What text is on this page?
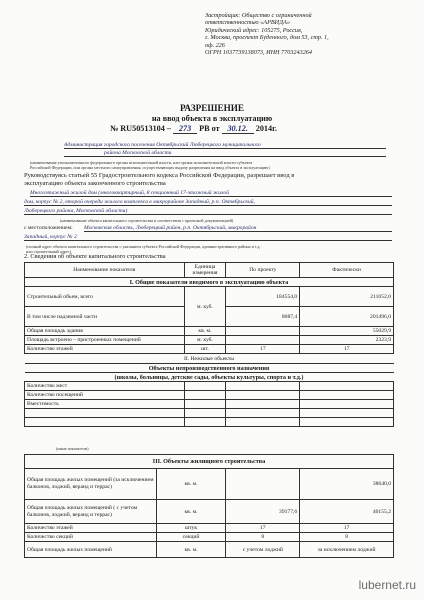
Застройщик: Общество с ограниченной
ответственностью «АРВИДА»
Юридический адрес: 105275, Россия,
г. Москва, проспект Буденного, дом 53, стр. 1,
оф. 226
ОГРН 1037739138073, ИНН 7703243264
РАЗРЕШЕНИЕ
на ввод объекта в эксплуатацию
№ RU50513104 – 273 РВ от 30.12. 2014г.
Администрация городского поселения Октябрьский Люберецкого муниципального
района Московской области
(наименование уполномоченного федерального органа исполнительной власти, или органа исполнительной власти субъекта
Российской Федерации, или органа местного самоуправления, осуществляющих выдачу разрешения на ввод объекта в эксплуатацию)
Руководствуясь статьей 55 Градостроительного кодекса Российской Федерации, разрешает ввод в
эксплуатацию объекта законченного строительства
Многоэтажный жилой дом (многоквартирный, 8 секционный 17-этажный жилой
дом, корпус № 2, второй очереди жилого комплекса в микрорайоне Западный, р.п. Октябрьский,
Люберецкого района, Московской области)
(наименование объекта капитального строительства в соответствии с проектной документацией)
с местоположением: Московская область, Люберецкий район, р.п. Октябрьский, микрорайон
Западный, корпус № 2
(полный адрес объекта капитального строительства с указанием субъекта Российской Федерации, административного района и т.д.
или строительный адрес)
2. Сведения об объекте капитального строительства
Наименование показателя	Единица измерения	По проекту	Фактически
I. Общие показатели вводимого в эксплуатацию объекта			
Строительный объем, всего	м. куб.	184554,0	211052,0
В том числе надземной части		8087,4	201496,0
Общая площадь здания	кв. м.		55029,9
Площадь встроено – пристроенных помещений	м. куб.		2323,9
Количество этажей	шт.	17	17
II. Нежилые объекты			
Объекты непроизводственного назначения			
(школы, больницы, детские сады, объекты культуры, спорта и т.д.)			
Количество мест			
Количество посещений			
Вместимость			

(иные показатели)
III. Объекты жилищного строительства			
Общая площадь жилых помещений (за исключением балконов, лоджий, веранд и террас)	кв. м.		38640,0
Общая площадь жилых помещений ( с учетом балконов, лоджий, веранд и террас)	кв. м.	39177,6	40155,2
Количество этажей	штук	17	17
Количество секций	секций	8	8
Общая площадь жилых помещений	кв. м.	с учетом лоджий	за исключением лоджий
lubernet.ru
